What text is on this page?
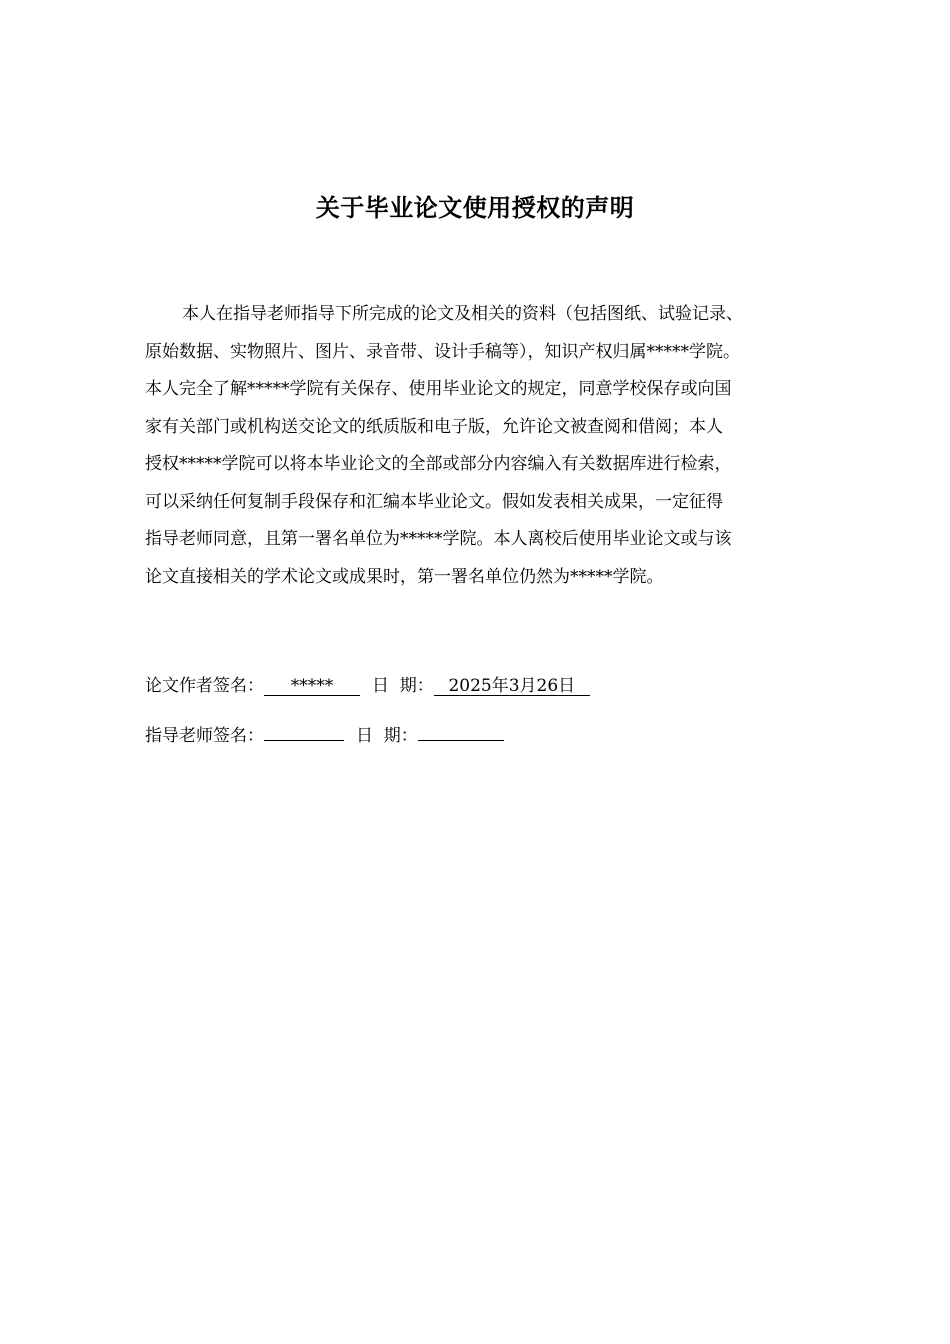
关于毕业论文使用授权的声明
本人在指导老师指导下所完成的论文及相关的资料（包括图纸、试验记录、
原始数据、实物照片、图片、录音带、设计手稿等），知识产权归属*****学院。
本人完全了解*****学院有关保存、使用毕业论文的规定，同意学校保存或向国
家有关部门或机构送交论文的纸质版和电子版，允许论文被查阅和借阅；本人
授权*****学院可以将本毕业论文的全部或部分内容编入有关数据库进行检索，
可以采纳任何复制手段保存和汇编本毕业论文。假如发表相关成果，一定征得
指导老师同意，且第一署名单位为*****学院。本人离校后使用毕业论文或与该
论文直接相关的学术论文或成果时，第一署名单位仍然为*****学院。
论文作者签名： ***** 日  期： 2025年3月26日
指导老师签名：	日  期：
